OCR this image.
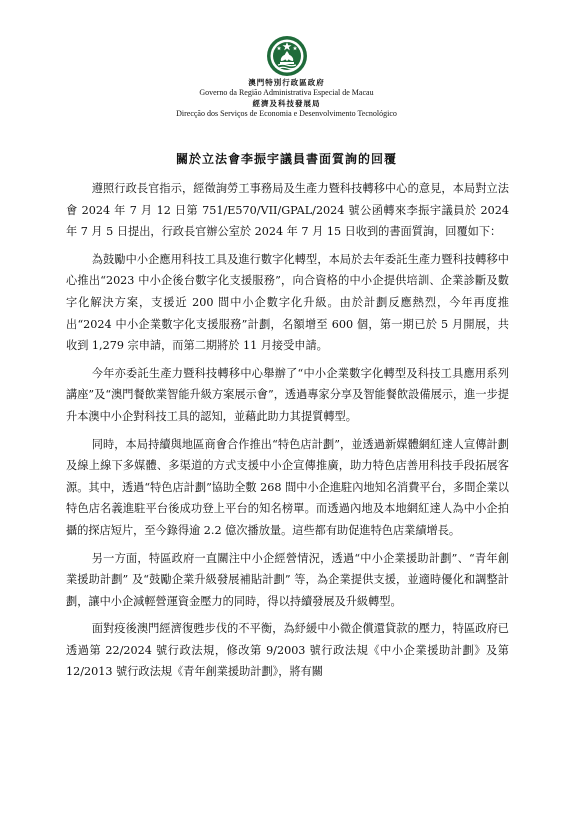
澳門特別行政區政府
Governo da Região Administrativa Especial de Macau
經濟及科技發展局
Direcção dos Serviços de Economia e Desenvolvimento Tecnológico
關於立法會李振宇議員書面質詢的回覆

遵照行政長官指示，經徵詢勞工事務局及生產力暨科技轉移中心的意見，本局對立法會 2024 年 7 月 12 日第 751/E570/VII/GPAL/2024 號公函轉來李振宇議員於 2024 年 7 月 5 日提出，行政長官辦公室於 2024 年 7 月 15 日收到的書面質詢，回覆如下：

為鼓勵中小企應用科技工具及進行數字化轉型，本局於去年委託生產力暨科技轉移中心推出“2023 中小企後台數字化支援服務”，向合資格的中小企提供培訓、企業診斷及數字化解決方案，支援近 200 間中小企數字化升級。由於計劃反應熱烈，今年再度推出“2024 中小企業數字化支援服務”計劃，名額增至 600 個，第一期已於 5 月開展，共收到 1,279 宗申請，而第二期將於 11 月接受申請。

今年亦委託生產力暨科技轉移中心舉辦了“中小企業數字化轉型及科技工具應用系列講座”及“澳門餐飲業智能升級方案展示會”，透過專家分享及智能餐飲設備展示，進一步提升本澳中小企對科技工具的認知，並藉此助力其提質轉型。

同時，本局持續與地區商會合作推出“特色店計劃”，並透過新媒體網紅達人宣傳計劃及線上線下多媒體、多渠道的方式支援中小企宣傳推廣，助力特色店善用科技手段拓展客源。其中，透過“特色店計劃”協助全數 268 間中小企進駐內地知名消費平台，多間企業以特色店名義進駐平台後成功登上平台的知名榜單。而透過內地及本地網紅達人為中小企拍攝的探店短片，至今錄得逾 2.2 億次播放量。這些都有助促進特色店業績增長。

另一方面，特區政府一直關注中小企經營情況，透過“中小企業援助計劃”、“青年創業援助計劃” 及“鼓勵企業升級發展補貼計劃” 等，為企業提供支援，並適時優化和調整計劃，讓中小企減輕營運資金壓力的同時，得以持續發展及升級轉型。

面對疫後澳門經濟復甦步伐的不平衡，為紓緩中小微企償還貸款的壓力，特區政府已透過第 22/2024 號行政法規，修改第 9/2003 號行政法規《中小企業援助計劃》及第 12/2013 號行政法規《青年創業援助計劃》，將有關
